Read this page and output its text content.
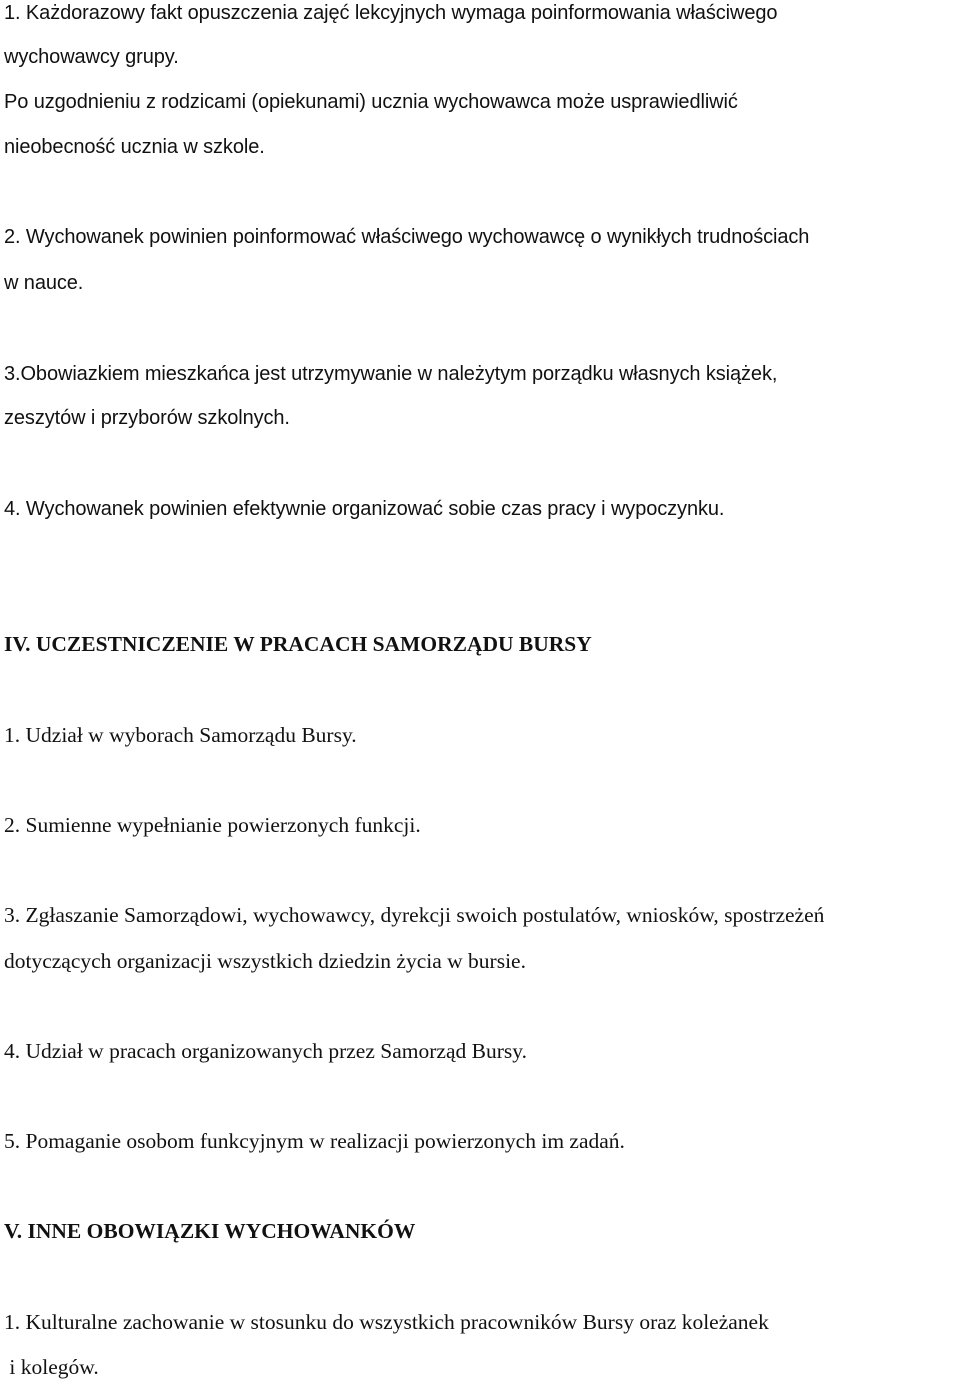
1. Każdorazowy fakt opuszczenia zajęć lekcyjnych wymaga poinformowania właściwego
wychowawcy grupy.
Po uzgodnieniu z rodzicami (opiekunami) ucznia wychowawca może usprawiedliwić
nieobecność ucznia w szkole.
2. Wychowanek powinien poinformować właściwego wychowawcę o wynikłych trudnościach
w nauce.
3.Obowiazkiem mieszkańca jest utrzymywanie w należytym porządku własnych książek,
zeszytów i przyborów szkolnych.
4. Wychowanek powinien efektywnie organizować sobie czas pracy i wypoczynku.
IV. UCZESTNICZENIE W PRACACH SAMORZĄDU BURSY
1. Udział w wyborach Samorządu Bursy.
2. Sumienne wypełnianie powierzonych funkcji.
3. Zgłaszanie Samorządowi, wychowawcy, dyrekcji swoich postulatów, wniosków, spostrzeżeń
dotyczących organizacji wszystkich dziedzin życia w bursie.
4. Udział w pracach organizowanych przez Samorząd Bursy.
5. Pomaganie osobom funkcyjnym w realizacji powierzonych im zadań.
V. INNE OBOWIĄZKI WYCHOWANKÓW
1. Kulturalne zachowanie w stosunku do wszystkich pracowników Bursy oraz koleżanek
i kolegów.
